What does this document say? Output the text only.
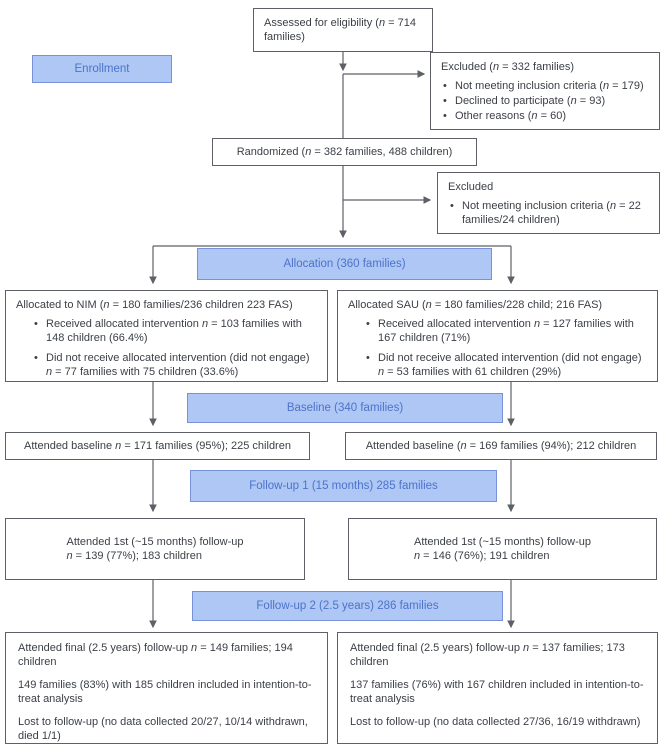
Enrollment
Allocation (360 families)
Baseline (340 families)
Follow-up 1 (15 months) 285 families
Follow-up 2 (2.5 years) 286 families
Assessed for eligibility (n = 714 families)
Excluded (n = 332 families)
• Not meeting inclusion criteria (n = 179)
• Declined to participate (n = 93)
• Other reasons (n = 60)
Randomized (n = 382 families, 488 children)
Excluded
• Not meeting inclusion criteria (n = 22 families/24 children)
Allocated to NIM (n = 180 families/236 children 223 FAS)
• Received allocated intervention n = 103 families with 148 children (66.4%)
• Did not receive allocated intervention (did not engage) n = 77 families with 75 children (33.6%)
Allocated SAU (n = 180 families/228 child; 216 FAS)
• Received allocated intervention n = 127 families with 167 children (71%)
• Did not receive allocated intervention (did not engage) n = 53 families with 61 children (29%)
Attended baseline n = 171 families (95%); 225 children	Attended baseline (n = 169 families (94%); 212 children
Attended 1st (~15 months) follow-up
n = 139 (77%); 183 children
Attended 1st (~15 months) follow-up
n = 146 (76%); 191 children

Attended final (2.5 years) follow-up n = 149 families; 194 children

149 families (83%) with 185 children included in intention-to-treat analysis

Lost to follow-up (no data collected 20/27, 10/14 withdrawn, died 1/1)

Attended final (2.5 years) follow-up n = 137 families; 173 children

137 families (76%) with 167 children included in intention-to-treat analysis

Lost to follow-up (no data collected 27/36, 16/19 withdrawn)
